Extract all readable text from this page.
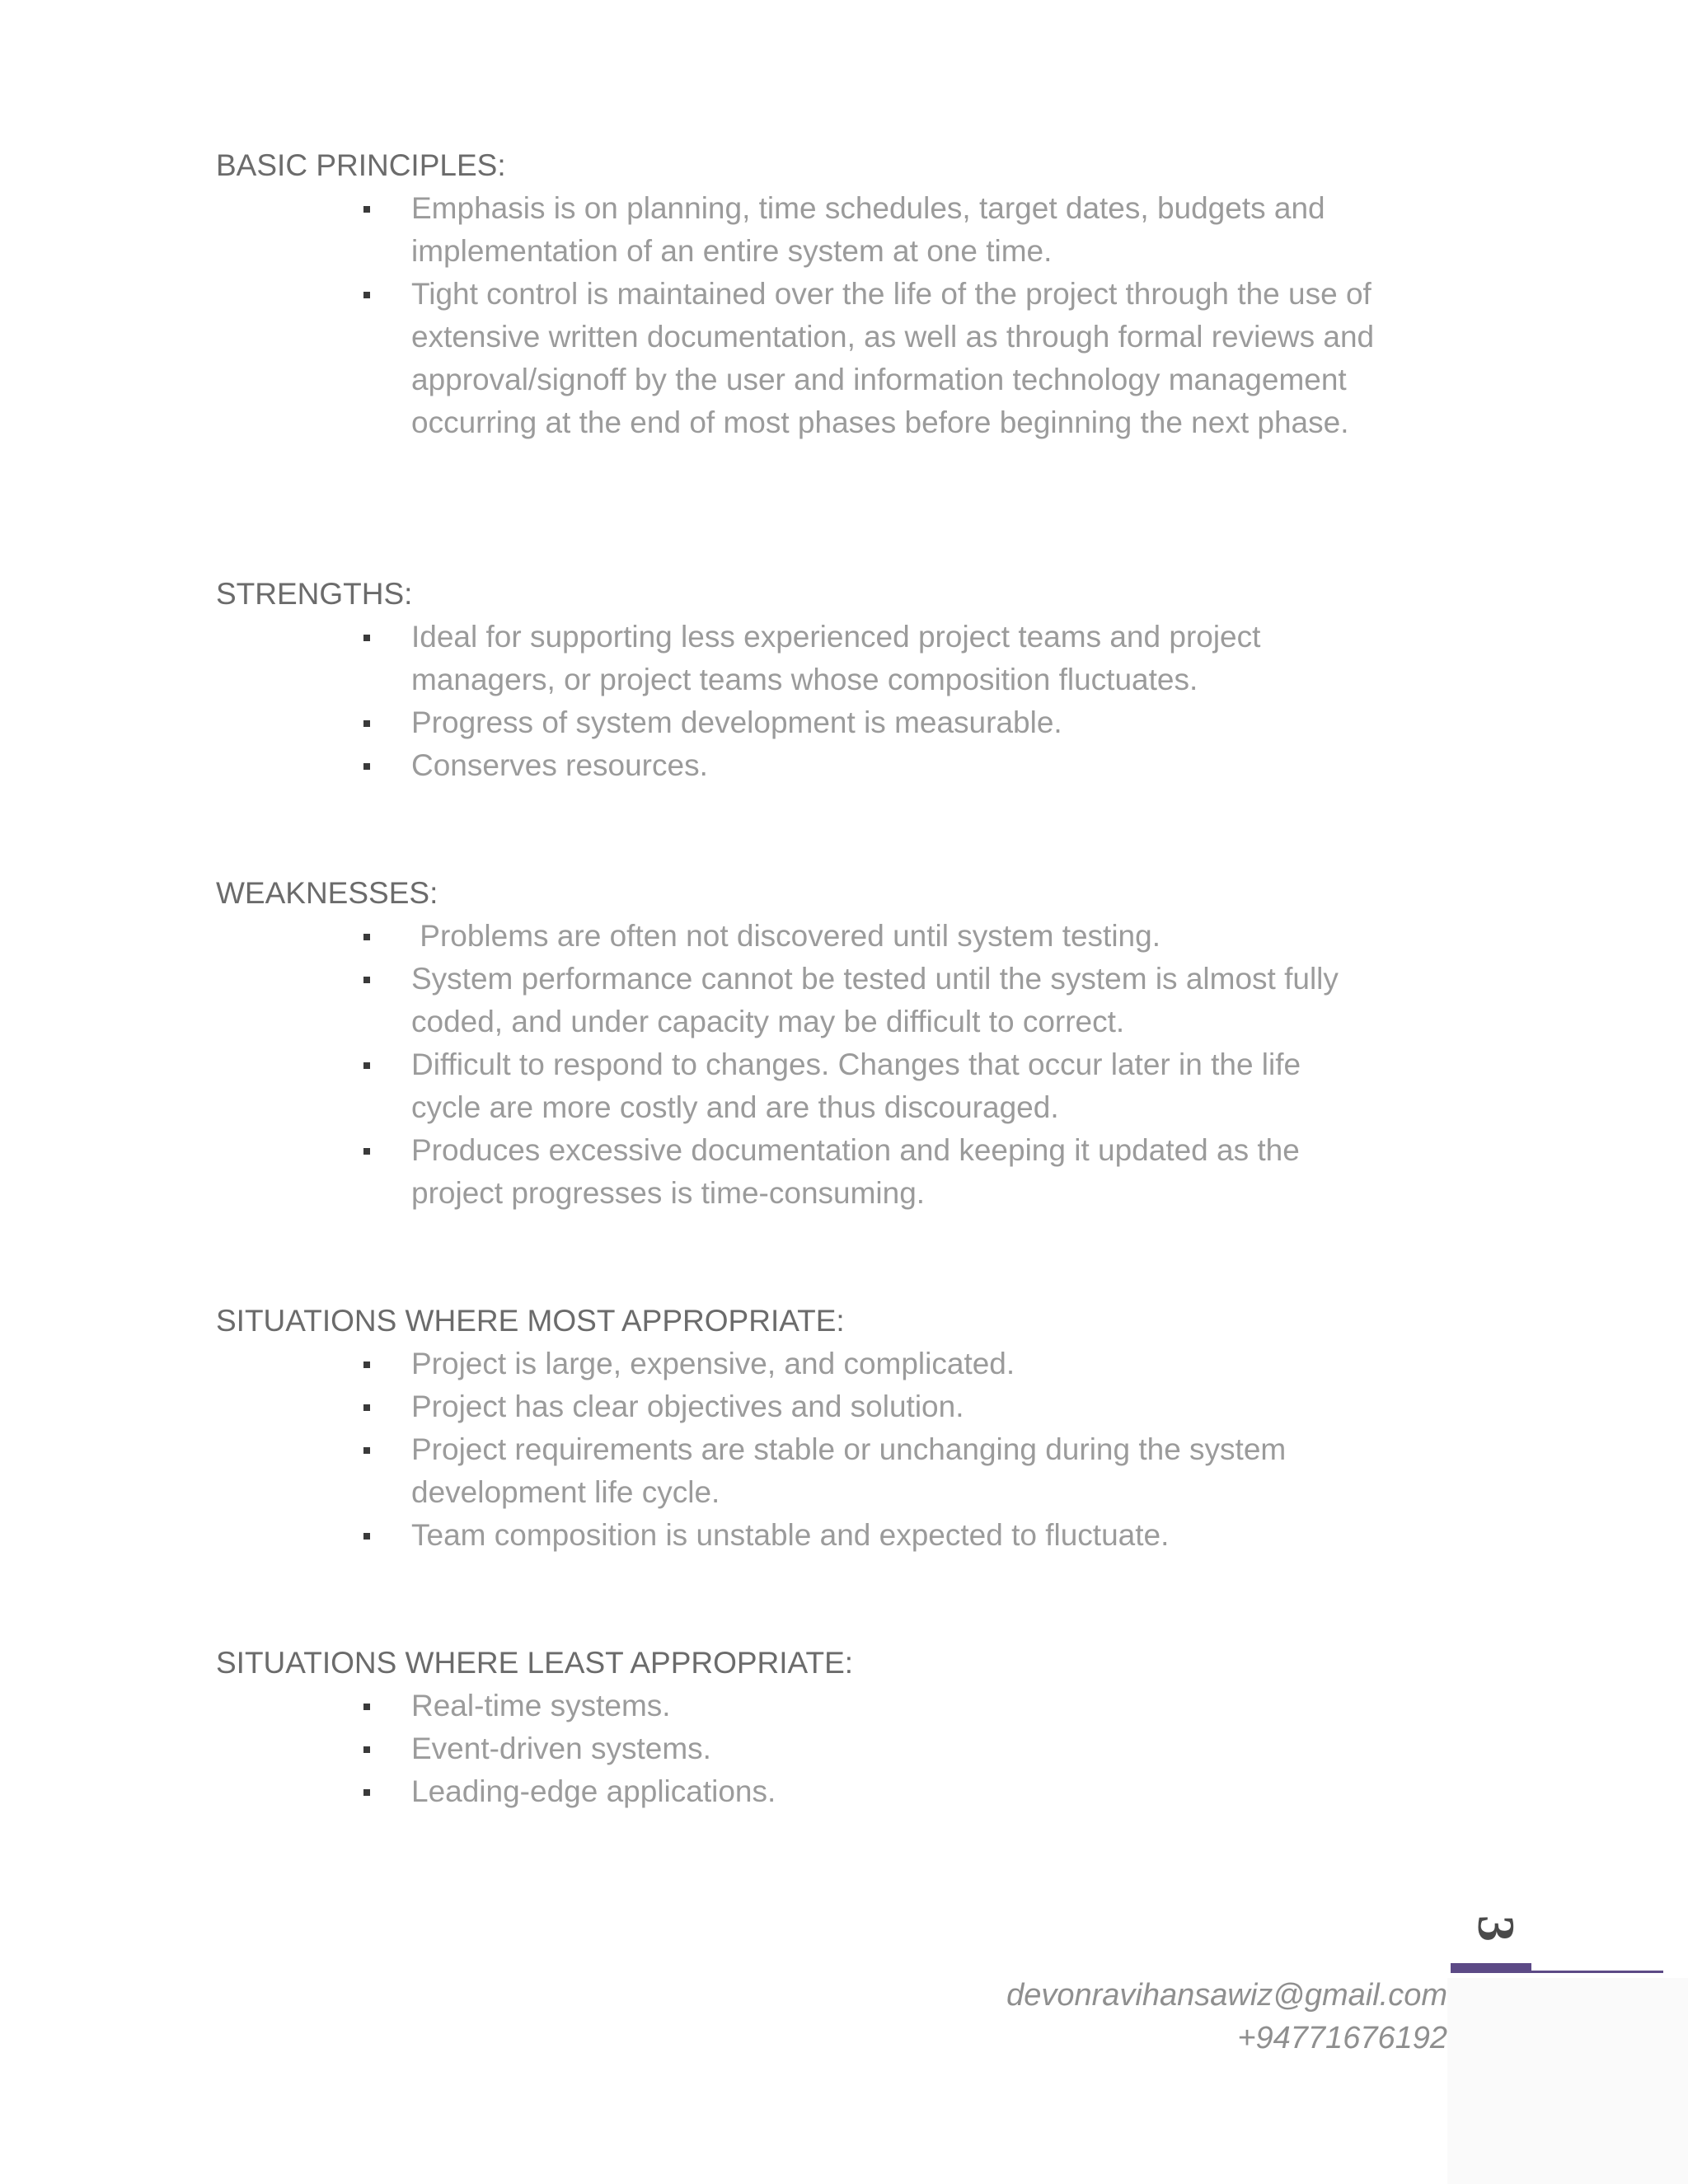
BASIC PRINCIPLES:

Emphasis is on planning, time schedules, target dates, budgets and implementation of an entire system at one time.
Tight control is maintained over the life of the project through the use of extensive written documentation, as well as through formal reviews and approval/signoff by the user and information technology management occurring at the end of most phases before beginning the next phase.

STRENGTHS:

Ideal for supporting less experienced project teams and project managers, or project teams whose composition fluctuates.
Progress of system development is measurable.
Conserves resources.

WEAKNESSES:

Problems are often not discovered until system testing.
System performance cannot be tested until the system is almost fully coded, and under capacity may be difficult to correct.
Difficult to respond to changes. Changes that occur later in the life cycle are more costly and are thus discouraged.
Produces excessive documentation and keeping it updated as the project progresses is time-consuming.

SITUATIONS WHERE MOST APPROPRIATE:

Project is large, expensive, and complicated.
Project has clear objectives and solution.
Project requirements are stable or unchanging during the system development life cycle.
Team composition is unstable and expected to fluctuate.

SITUATIONS WHERE LEAST APPROPRIATE:

Real-time systems.
Event-driven systems.
Leading-edge applications.
3
devonravihansawiz@gmail.com
+94771676192
